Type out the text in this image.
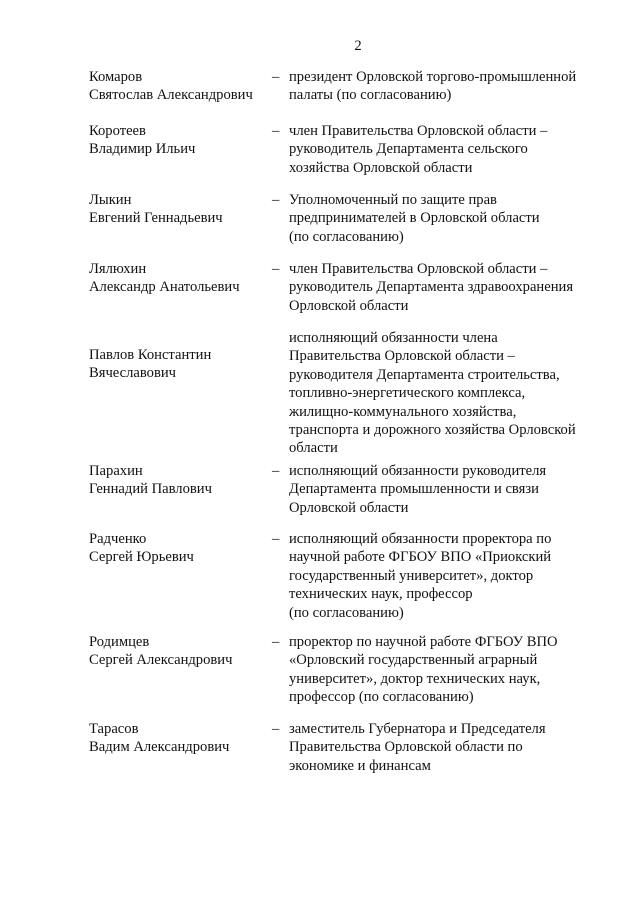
2
Комаров
Святослав Александрович
– президент Орловской торгово-промышленной
палаты (по согласованию)
Коротеев
Владимир Ильич
– член Правительства Орловской области –
руководитель Департамента сельского
хозяйства Орловской области
Лыкин
Евгений Геннадьевич
– Уполномоченный по защите прав
предпринимателей в Орловской области
(по согласованию)
Лялюхин
Александр Анатольевич
– член Правительства Орловской области –
руководитель Департамента здравоохранения
Орловской области
Павлов Константин
Вячеславович
исполняющий обязанности члена
Правительства Орловской области –
руководителя Департамента строительства,
топливно-энергетического комплекса,
жилищно-коммунального хозяйства,
транспорта и дорожного хозяйства Орловской
области
Парахин
Геннадий Павлович
– исполняющий обязанности руководителя
Департамента промышленности и связи
Орловской области
Радченко
Сергей Юрьевич
– исполняющий обязанности проректора по
научной работе ФГБОУ ВПО «Приокский
государственный университет», доктор
технических наук, профессор
(по согласованию)
Родимцев
Сергей Александрович
– проректор по научной работе ФГБОУ ВПО
«Орловский государственный аграрный
университет», доктор технических наук,
профессор (по согласованию)
Тарасов
Вадим Александрович
– заместитель Губернатора и Председателя
Правительства Орловской области по
экономике и финансам
